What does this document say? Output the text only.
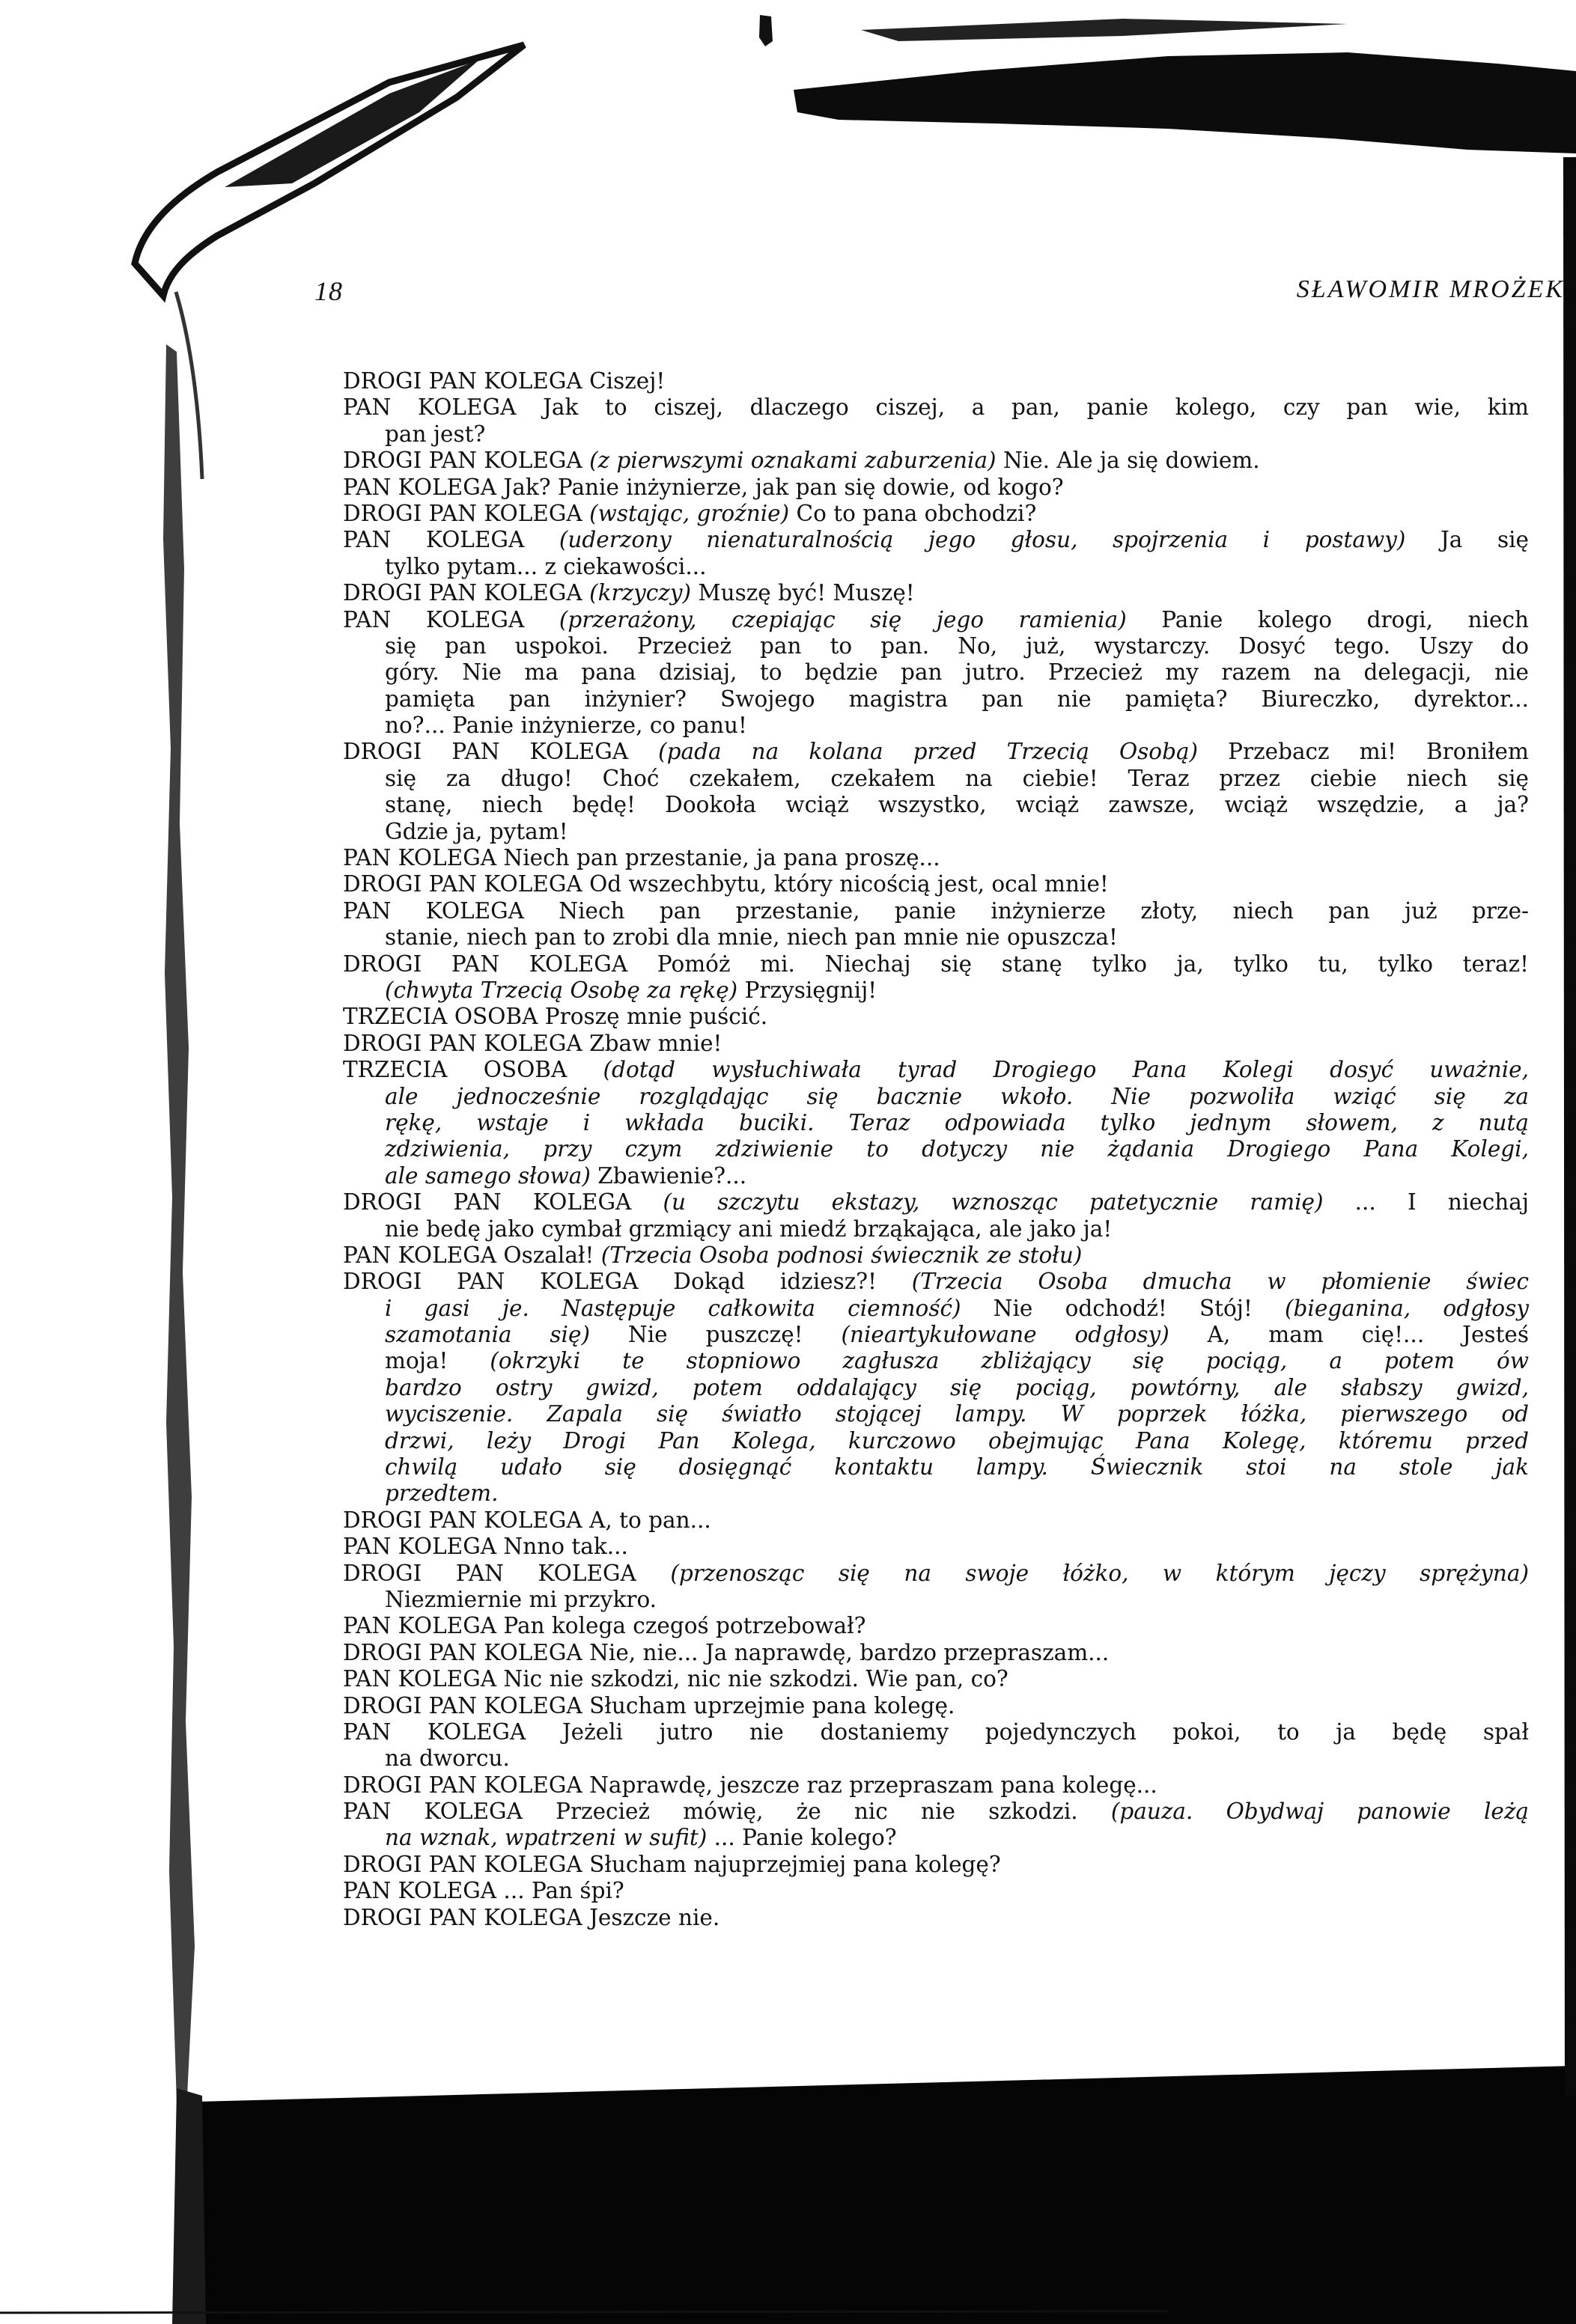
18	SŁAWOMIR MROŻEK
DROGI PAN KOLEGA Ciszej!
PAN KOLEGA Jak to ciszej, dlaczego ciszej, a pan, panie kolego, czy pan wie, kim
pan jest?
DROGI PAN KOLEGA (z pierwszymi oznakami zaburzenia) Nie. Ale ja się dowiem.
PAN KOLEGA Jak? Panie inżynierze, jak pan się dowie, od kogo?
DROGI PAN KOLEGA (wstając, groźnie) Co to pana obchodzi?
PAN KOLEGA (uderzony nienaturalnością jego głosu, spojrzenia i postawy) Ja się
tylko pytam... z ciekawości...
DROGI PAN KOLEGA (krzyczy) Muszę być! Muszę!
PAN KOLEGA (przerażony, czepiając się jego ramienia) Panie kolego drogi, niech
się pan uspokoi. Przecież pan to pan. No, już, wystarczy. Dosyć tego. Uszy do
góry. Nie ma pana dzisiaj, to będzie pan jutro. Przecież my razem na delegacji, nie
pamięta pan inżynier? Swojego magistra pan nie pamięta? Biureczko, dyrektor...
no?... Panie inżynierze, co panu!
DROGI PAN KOLEGA (pada na kolana przed Trzecią Osobą) Przebacz mi! Broniłem
się za długo! Choć czekałem, czekałem na ciebie! Teraz przez ciebie niech się
stanę, niech będę! Dookoła wciąż wszystko, wciąż zawsze, wciąż wszędzie, a ja?
Gdzie ja, pytam!
PAN KOLEGA Niech pan przestanie, ja pana proszę...
DROGI PAN KOLEGA Od wszechbytu, który nicością jest, ocal mnie!
PAN KOLEGA Niech pan przestanie, panie inżynierze złoty, niech pan już prze-
stanie, niech pan to zrobi dla mnie, niech pan mnie nie opuszcza!
DROGI PAN KOLEGA Pomóż mi. Niechaj się stanę tylko ja, tylko tu, tylko teraz!
(chwyta Trzecią Osobę za rękę) Przysięgnij!
TRZECIA OSOBA Proszę mnie puścić.
DROGI PAN KOLEGA Zbaw mnie!
TRZECIA OSOBA (dotąd wysłuchiwała tyrad Drogiego Pana Kolegi dosyć uważnie,
ale jednocześnie rozglądając się bacznie wkoło. Nie pozwoliła wziąć się za
rękę, wstaje i wkłada buciki. Teraz odpowiada tylko jednym słowem, z nutą
zdziwienia, przy czym zdziwienie to dotyczy nie żądania Drogiego Pana Kolegi,
ale samego słowa) Zbawienie?...
DROGI PAN KOLEGA (u szczytu ekstazy, wznosząc patetycznie ramię) ... I niechaj
nie bedę jako cymbał grzmiący ani miedź brząkająca, ale jako ja!
PAN KOLEGA Oszalał! (Trzecia Osoba podnosi świecznik ze stołu)
DROGI PAN KOLEGA Dokąd idziesz?! (Trzecia Osoba dmucha w płomienie świec
i gasi je. Następuje całkowita ciemność) Nie odchodź! Stój! (bieganina, odgłosy
szamotania się) Nie puszczę! (nieartykułowane odgłosy) A, mam cię!... Jesteś
moja! (okrzyki te stopniowo zagłusza zbliżający się pociąg, a potem ów
bardzo ostry gwizd, potem oddalający się pociąg, powtórny, ale słabszy gwizd,
wyciszenie. Zapala się światło stojącej lampy. W poprzek łóżka, pierwszego od
drzwi, leży Drogi Pan Kolega, kurczowo obejmując Pana Kolegę, któremu przed
chwilą udało się dosięgnąć kontaktu lampy. Świecznik stoi na stole jak
przedtem.
DROGI PAN KOLEGA A, to pan...
PAN KOLEGA Nnno tak...
DROGI PAN KOLEGA (przenosząc się na swoje łóżko, w którym jęczy sprężyna)
Niezmiernie mi przykro.
PAN KOLEGA Pan kolega czegoś potrzebował?
DROGI PAN KOLEGA Nie, nie... Ja naprawdę, bardzo przepraszam...
PAN KOLEGA Nic nie szkodzi, nic nie szkodzi. Wie pan, co?
DROGI PAN KOLEGA Słucham uprzejmie pana kolegę.
PAN KOLEGA Jeżeli jutro nie dostaniemy pojedynczych pokoi, to ja będę spał
na dworcu.
DROGI PAN KOLEGA Naprawdę, jeszcze raz przepraszam pana kolegę...
PAN KOLEGA Przecież mówię, że nic nie szkodzi. (pauza. Obydwaj panowie leżą
na wznak, wpatrzeni w sufit) ... Panie kolego?
DROGI PAN KOLEGA Słucham najuprzejmiej pana kolegę?
PAN KOLEGA ... Pan śpi?
DROGI PAN KOLEGA Jeszcze nie.
